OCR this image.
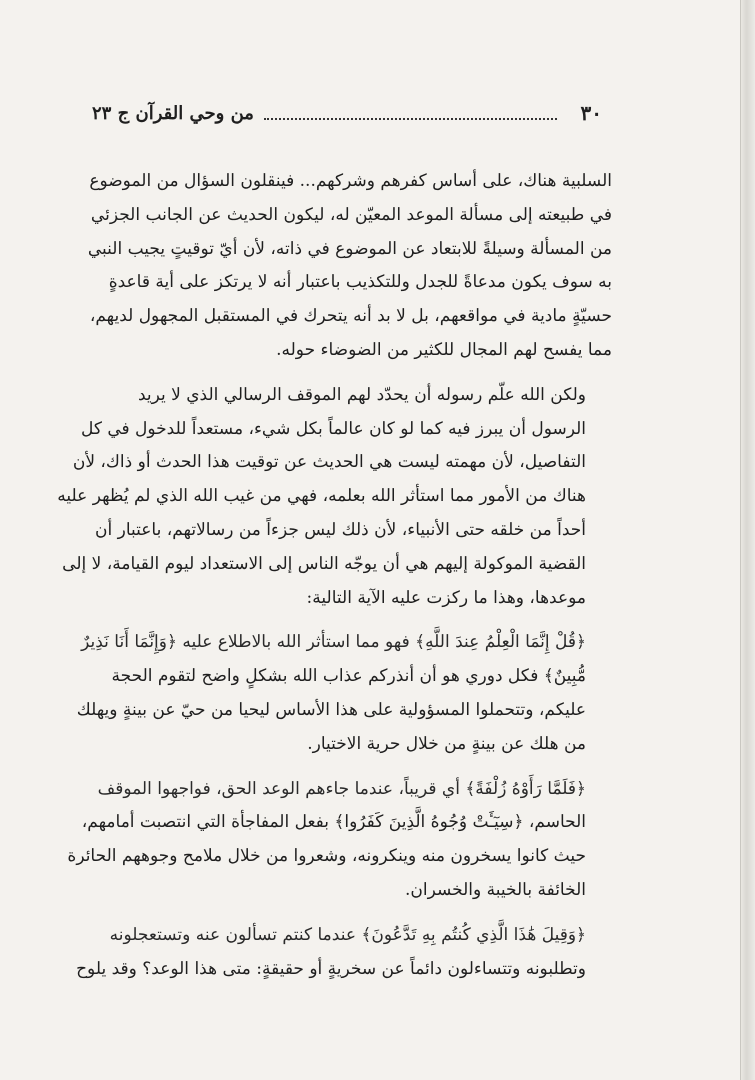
٣٠
من وحي القرآن ج ٢٣

السلبية هناك، على أساس كفرهم وشركهم... فينقلون السؤال من الموضوع
في طبيعته إلى مسألة الموعد المعيّن له، ليكون الحديث عن الجانب الجزئي
من المسألة وسيلةً للابتعاد عن الموضوع في ذاته، لأن أيّ توقيتٍ يجيب النبي
به سوف يكون مدعاةً للجدل وللتكذيب باعتبار أنه لا يرتكز على أية قاعدةٍ
حسيّةٍ مادية في مواقعهم، بل لا بد أنه يتحرك في المستقبل المجهول لديهم،
مما يفسح لهم المجال للكثير من الضوضاء حوله.

ولكن الله علّم رسوله أن يحدّد لهم الموقف الرسالي الذي لا يريد
الرسول أن يبرز فيه كما لو كان عالماً بكل شيء، مستعداً للدخول في كل
التفاصيل، لأن مهمته ليست هي الحديث عن توقيت هذا الحدث أو ذاك، لأن
هناك من الأمور مما استأثر الله بعلمه، فهي من غيب الله الذي لم يُظهر عليه
أحداً من خلقه حتى الأنبياء، لأن ذلك ليس جزءاً من رسالاتهم، باعتبار أن
القضية الموكولة إليهم هي أن يوجّه الناس إلى الاستعداد ليوم القيامة، لا إلى
موعدها، وهذا ما ركزت عليه الآية التالية:

﴿قُلْ إِنَّمَا الْعِلْمُ عِندَ اللَّهِ﴾ فهو مما استأثر الله بالاطلاع عليه ﴿وَإِنَّمَا أَنَا نَذِيرٌ
مُّبِينٌ﴾ فكل دوري هو أن أنذركم عذاب الله بشكلٍ واضح لتقوم الحجة
عليكم، وتتحملوا المسؤولية على هذا الأساس ليحيا من حيّ عن بينةٍ ويهلك
من هلك عن بينةٍ من خلال حرية الاختيار.

﴿فَلَمَّا رَأَوْهُ زُلْفَةً﴾ أي قريباً، عندما جاءهم الوعد الحق، فواجهوا الموقف
الحاسم، ﴿سِيٓـَٔتْ وُجُوهُ الَّذِينَ كَفَرُوا﴾ بفعل المفاجأة التي انتصبت أمامهم،
حيث كانوا يسخرون منه وينكرونه، وشعروا من خلال ملامح وجوههم الحائرة
الخائفة بالخيبة والخسران.

﴿وَقِيلَ هَٰذَا الَّذِي كُنتُم بِهِ تَدَّعُونَ﴾ عندما كنتم تسألون عنه وتستعجلونه
وتطلبونه وتتساءلون دائماً عن سخريةٍ أو حقيقةٍ: متى هذا الوعد؟ وقد يلوح
